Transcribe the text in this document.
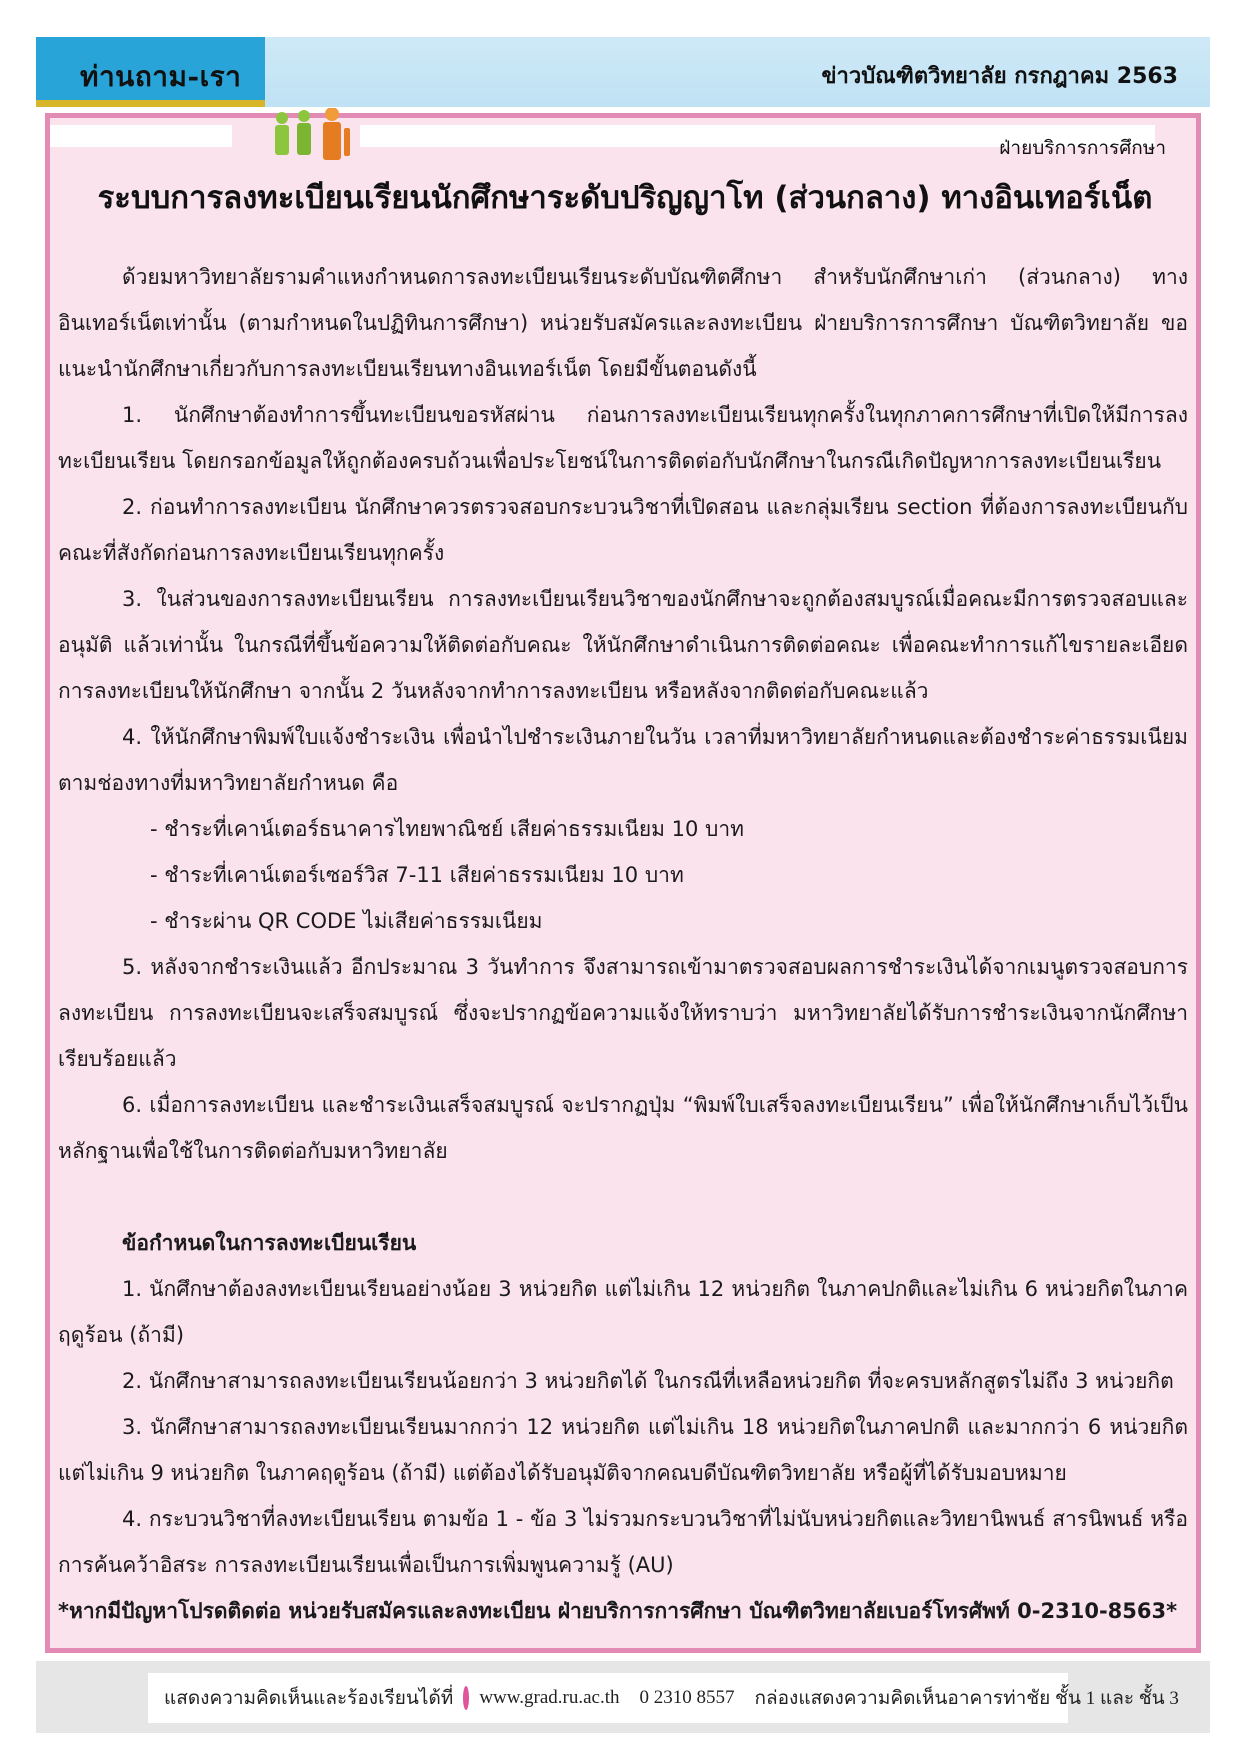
ท่านถาม-เรา	ข่าวบัณฑิตวิทยาลัย กรกฎาคม 2563
ฝ่ายบริการการศึกษา
ระบบการลงทะเบียนเรียนนักศึกษาระดับปริญญาโท (ส่วนกลาง) ทางอินเทอร์เน็ต

ด้วยมหาวิทยาลัยรามคำแหงกำหนดการลงทะเบียนเรียนระดับบัณฑิตศึกษา สำหรับนักศึกษาเก่า (ส่วนกลาง) ทางอินเทอร์เน็ตเท่านั้น (ตามกำหนดในปฏิทินการศึกษา) หน่วยรับสมัครและลงทะเบียน ฝ่ายบริการการศึกษา บัณฑิตวิทยาลัย ขอแนะนำนักศึกษาเกี่ยวกับการลงทะเบียนเรียนทางอินเทอร์เน็ต โดยมีขั้นตอนดังนี้

1. นักศึกษาต้องทำการขึ้นทะเบียนขอรหัสผ่าน ก่อนการลงทะเบียนเรียนทุกครั้งในทุกภาคการศึกษาที่เปิดให้มีการลงทะเบียนเรียน โดยกรอกข้อมูลให้ถูกต้องครบถ้วนเพื่อประโยชน์ในการติดต่อกับนักศึกษาในกรณีเกิดปัญหาการลงทะเบียนเรียน

2. ก่อนทำการลงทะเบียน นักศึกษาควรตรวจสอบกระบวนวิชาที่เปิดสอน และกลุ่มเรียน section ที่ต้องการลงทะเบียนกับคณะที่สังกัดก่อนการลงทะเบียนเรียนทุกครั้ง

3. ในส่วนของการลงทะเบียนเรียน การลงทะเบียนเรียนวิชาของนักศึกษาจะถูกต้องสมบูรณ์เมื่อคณะมีการตรวจสอบและอนุมัติ แล้วเท่านั้น ในกรณีที่ขึ้นข้อความให้ติดต่อกับคณะ ให้นักศึกษาดำเนินการติดต่อคณะ เพื่อคณะทำการแก้ไขรายละเอียดการลงทะเบียนให้นักศึกษา จากนั้น 2 วันหลังจากทำการลงทะเบียน หรือหลังจากติดต่อกับคณะแล้ว

4. ให้นักศึกษาพิมพ์ใบแจ้งชำระเงิน เพื่อนำไปชำระเงินภายในวัน เวลาที่มหาวิทยาลัยกำหนดและต้องชำระค่าธรรมเนียมตามช่องทางที่มหาวิทยาลัยกำหนด คือ

- ชำระที่เคาน์เตอร์ธนาคารไทยพาณิชย์ เสียค่าธรรมเนียม 10 บาท

- ชำระที่เคาน์เตอร์เซอร์วิส 7-11 เสียค่าธรรมเนียม 10 บาท

- ชำระผ่าน QR CODE ไม่เสียค่าธรรมเนียม

5. หลังจากชำระเงินแล้ว อีกประมาณ 3 วันทำการ จึงสามารถเข้ามาตรวจสอบผลการชำระเงินได้จากเมนูตรวจสอบการลงทะเบียน การลงทะเบียนจะเสร็จสมบูรณ์ ซึ่งจะปรากฏข้อความแจ้งให้ทราบว่า มหาวิทยาลัยได้รับการชำระเงินจากนักศึกษาเรียบร้อยแล้ว

6. เมื่อการลงทะเบียน และชำระเงินเสร็จสมบูรณ์ จะปรากฏปุ่ม “พิมพ์ใบเสร็จลงทะเบียนเรียน” เพื่อให้นักศึกษาเก็บไว้เป็นหลักฐานเพื่อใช้ในการติดต่อกับมหาวิทยาลัย

ข้อกำหนดในการลงทะเบียนเรียน

1. นักศึกษาต้องลงทะเบียนเรียนอย่างน้อย 3 หน่วยกิต แต่ไม่เกิน 12 หน่วยกิต ในภาคปกติและไม่เกิน 6 หน่วยกิตในภาคฤดูร้อน (ถ้ามี)

2. นักศึกษาสามารถลงทะเบียนเรียนน้อยกว่า 3 หน่วยกิตได้ ในกรณีที่เหลือหน่วยกิต ที่จะครบหลักสูตรไม่ถึง 3 หน่วยกิต

3. นักศึกษาสามารถลงทะเบียนเรียนมากกว่า 12 หน่วยกิต แต่ไม่เกิน 18 หน่วยกิตในภาคปกติ และมากกว่า 6 หน่วยกิต แต่ไม่เกิน 9 หน่วยกิต ในภาคฤดูร้อน (ถ้ามี) แต่ต้องได้รับอนุมัติจากคณบดีบัณฑิตวิทยาลัย หรือผู้ที่ได้รับมอบหมาย

4. กระบวนวิชาที่ลงทะเบียนเรียน ตามข้อ 1 - ข้อ 3 ไม่รวมกระบวนวิชาที่ไม่นับหน่วยกิตและวิทยานิพนธ์ สารนิพนธ์ หรือการค้นคว้าอิสระ การลงทะเบียนเรียนเพื่อเป็นการเพิ่มพูนความรู้ (AU)

*หากมีปัญหาโปรดติดต่อ หน่วยรับสมัครและลงทะเบียน ฝ่ายบริการการศึกษา บัณฑิตวิทยาลัยเบอร์โทรศัพท์ 0-2310-8563*

แสดงความคิดเห็นและร้องเรียนได้ที่ www.grad.ru.ac.th 0 2310 8557 กล่องแสดงความคิดเห็นอาคารท่าชัย ชั้น 1 และ ชั้น 3
